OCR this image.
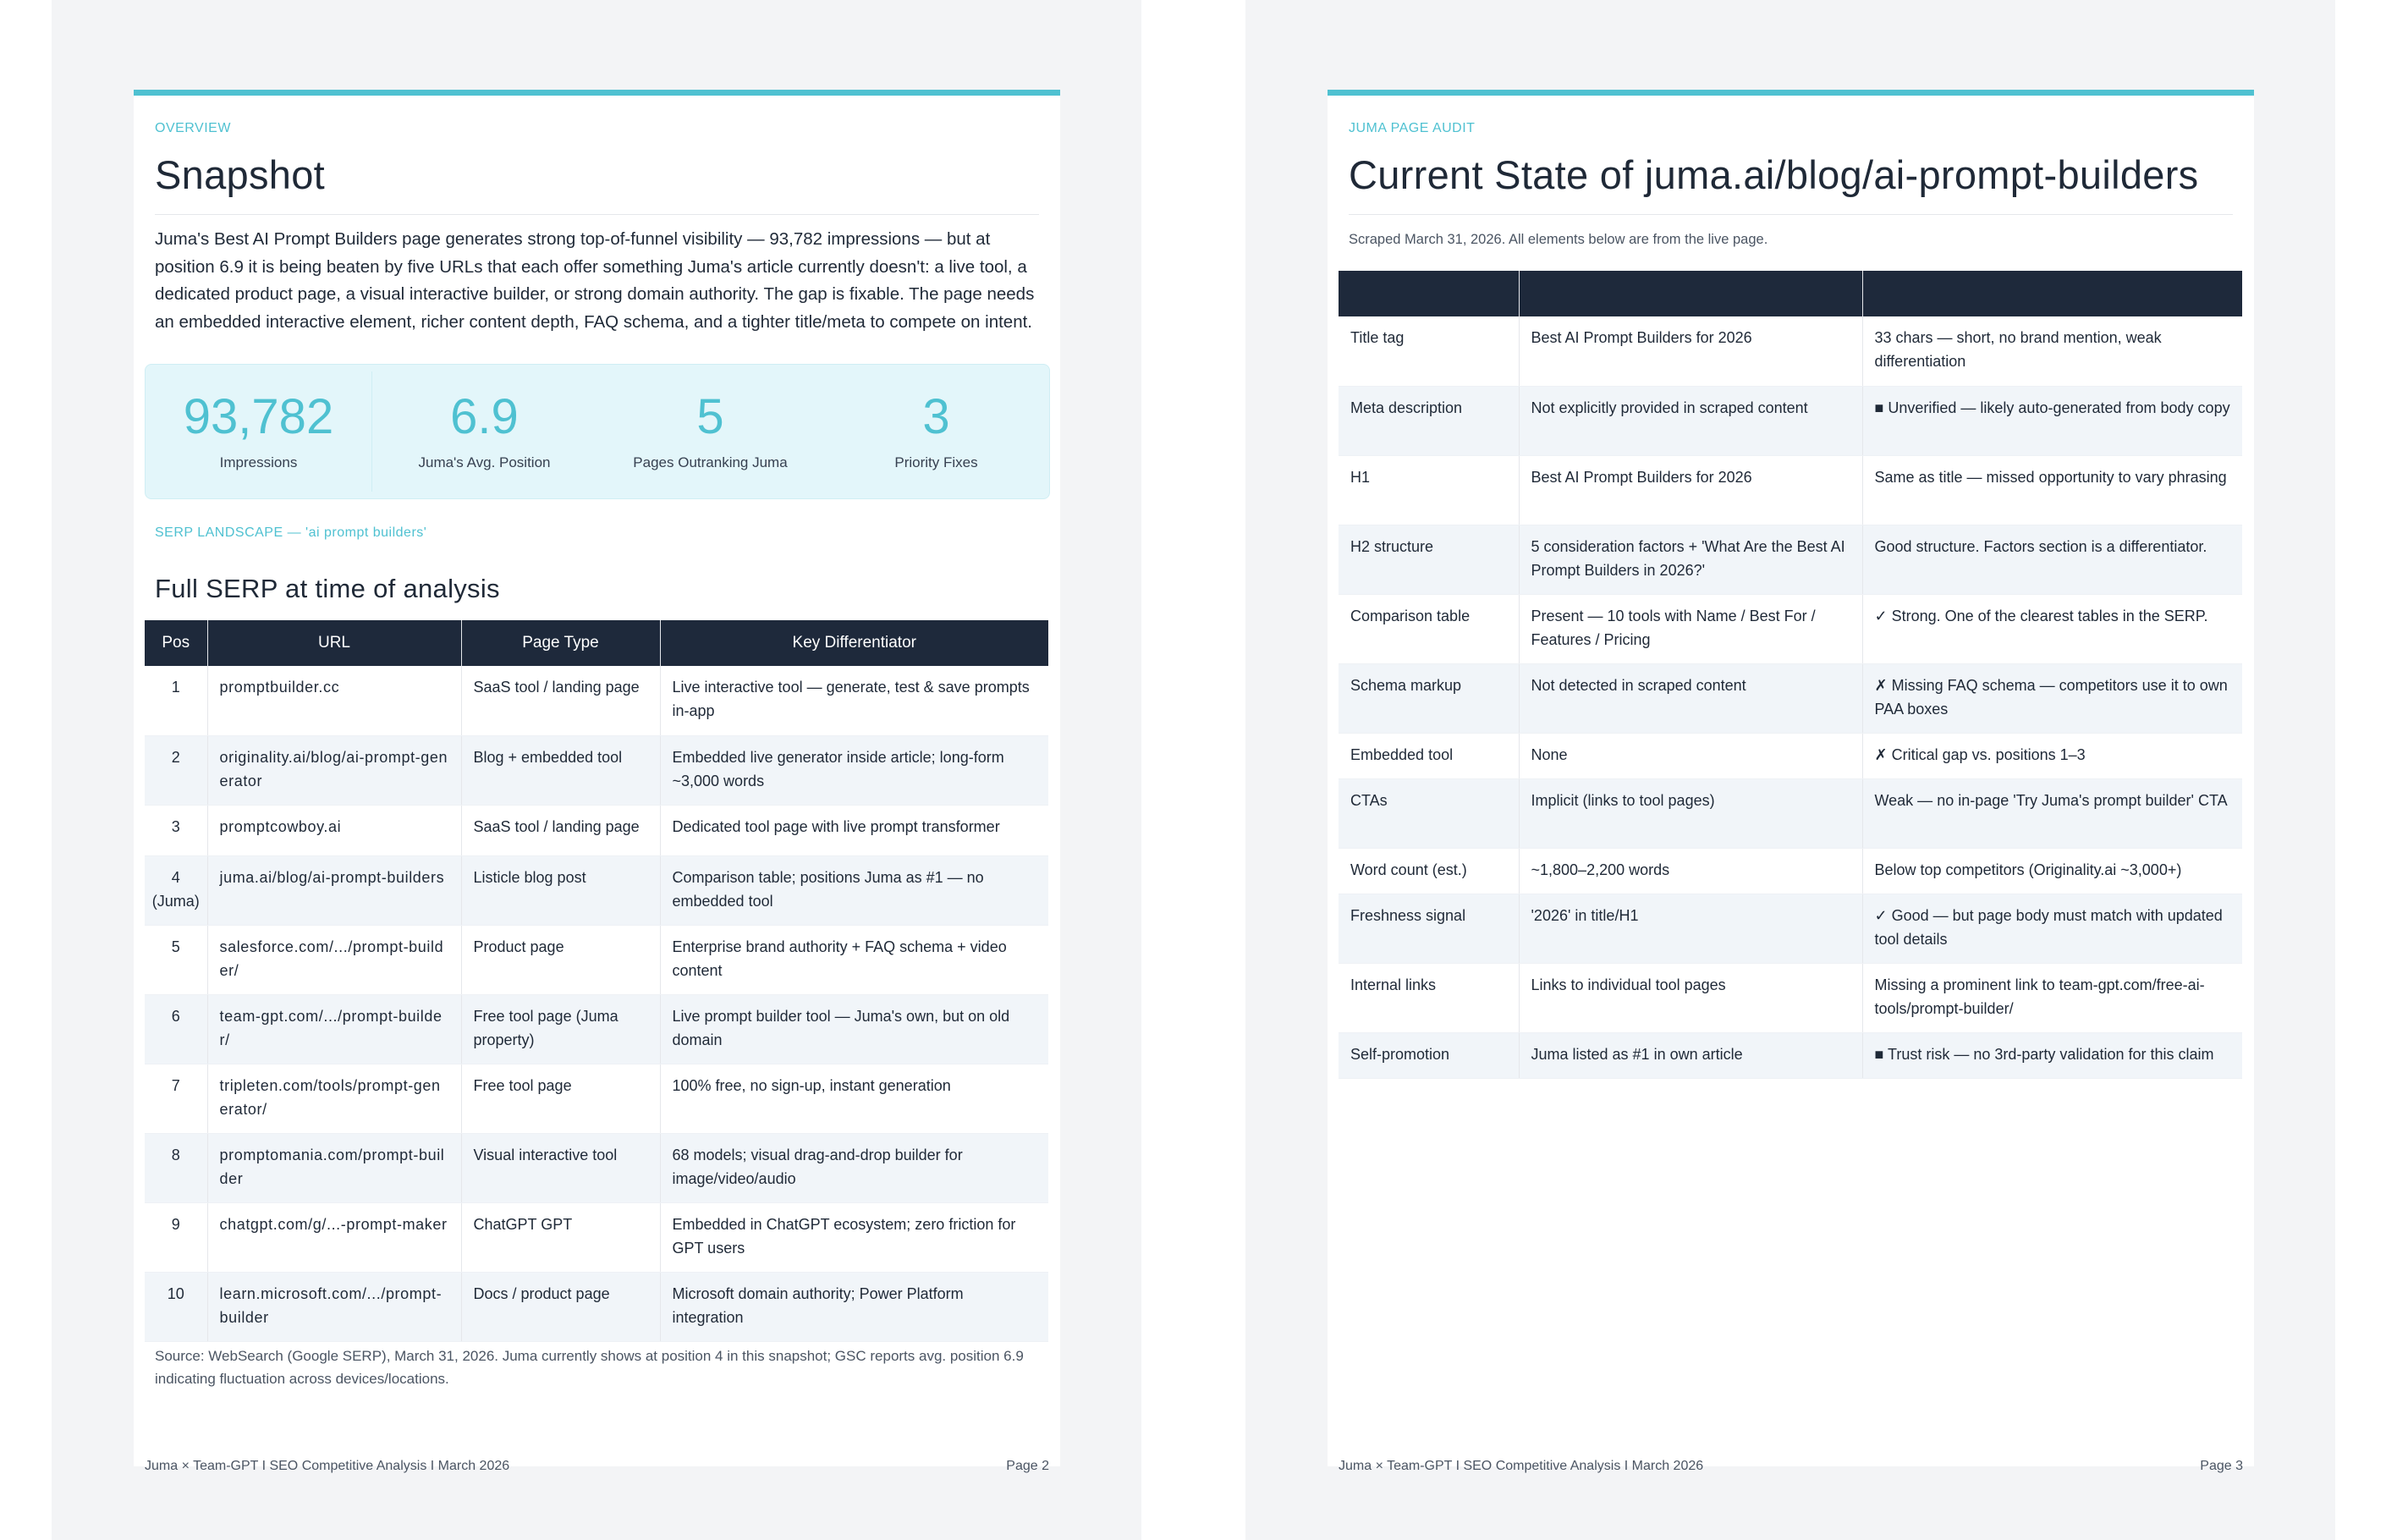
OVERVIEW
Snapshot

Juma's Best AI Prompt Builders page generates strong top-of-funnel visibility — 93,782 impressions — but at position 6.9 it is being beaten by five URLs that each offer something Juma's article currently doesn't: a live tool, a dedicated product page, a visual interactive builder, or strong domain authority. The gap is fixable. The page needs an embedded interactive element, richer content depth, FAQ schema, and a tighter title/meta to compete on intent.

93,782
Impressions
6.9
Juma's Avg. Position
5
Pages Outranking Juma
3
Priority Fixes
SERP LANDSCAPE — 'ai prompt builders'
Full SERP at time of analysis
Pos	URL	Page Type	Key Differentiator
1	promptbuilder.cc	SaaS tool / landing page	Live interactive tool — generate, test & save prompts in-app
2	originality.ai/blog/ai-prompt-generator	Blog + embedded tool	Embedded live generator inside article; long-form ~3,000 words
3	promptcowboy.ai	SaaS tool / landing page	Dedicated tool page with live prompt transformer
4 (Juma)	juma.ai/blog/ai-prompt-builders	Listicle blog post	Comparison table; positions Juma as #1 — no embedded tool
5	salesforce.com/.../prompt-builder/	Product page	Enterprise brand authority + FAQ schema + video content
6	team-gpt.com/.../prompt-builder/	Free tool page (Juma property)	Live prompt builder tool — Juma's own, but on old domain
7	tripleten.com/tools/prompt-generator/	Free tool page	100% free, no sign-up, instant generation
8	promptomania.com/prompt-builder	Visual interactive tool	68 models; visual drag-and-drop builder for image/video/audio
9	chatgpt.com/g/...-prompt-maker	ChatGPT GPT	Embedded in ChatGPT ecosystem; zero friction for GPT users
10	learn.microsoft.com/.../prompt-builder	Docs / product page	Microsoft domain authority; Power Platform integration

Source: WebSearch (Google SERP), March 31, 2026. Juma currently shows at position 4 in this snapshot; GSC reports avg. position 6.9 indicating fluctuation across devices/locations.

Juma × Team-GPT I SEO Competitive Analysis I March 2026	Page 2
JUMA PAGE AUDIT
Current State of juma.ai/blog/ai-prompt-builders
Scraped March 31, 2026. All elements below are from the live page.

Title tag	Best AI Prompt Builders for 2026	33 chars — short, no brand mention, weak differentiation
Meta description	Not explicitly provided in scraped content	■ Unverified — likely auto-generated from body copy
H1	Best AI Prompt Builders for 2026	Same as title — missed opportunity to vary phrasing
H2 structure	5 consideration factors + 'What Are the Best AI Prompt Builders in 2026?'	Good structure. Factors section is a differentiator.
Comparison table	Present — 10 tools with Name / Best For / Features / Pricing	✓ Strong. One of the clearest tables in the SERP.
Schema markup	Not detected in scraped content	✗ Missing FAQ schema — competitors use it to own PAA boxes
Embedded tool	None	✗ Critical gap vs. positions 1–3
CTAs	Implicit (links to tool pages)	Weak — no in-page 'Try Juma's prompt builder' CTA
Word count (est.)	~1,800–2,200 words	Below top competitors (Originality.ai ~3,000+)
Freshness signal	'2026' in title/H1	✓ Good — but page body must match with updated tool details
Internal links	Links to individual tool pages	Missing a prominent link to team-gpt.com/free-ai-tools/prompt-builder/
Self-promotion	Juma listed as #1 in own article	■ Trust risk — no 3rd-party validation for this claim
Juma × Team-GPT I SEO Competitive Analysis I March 2026	Page 3
